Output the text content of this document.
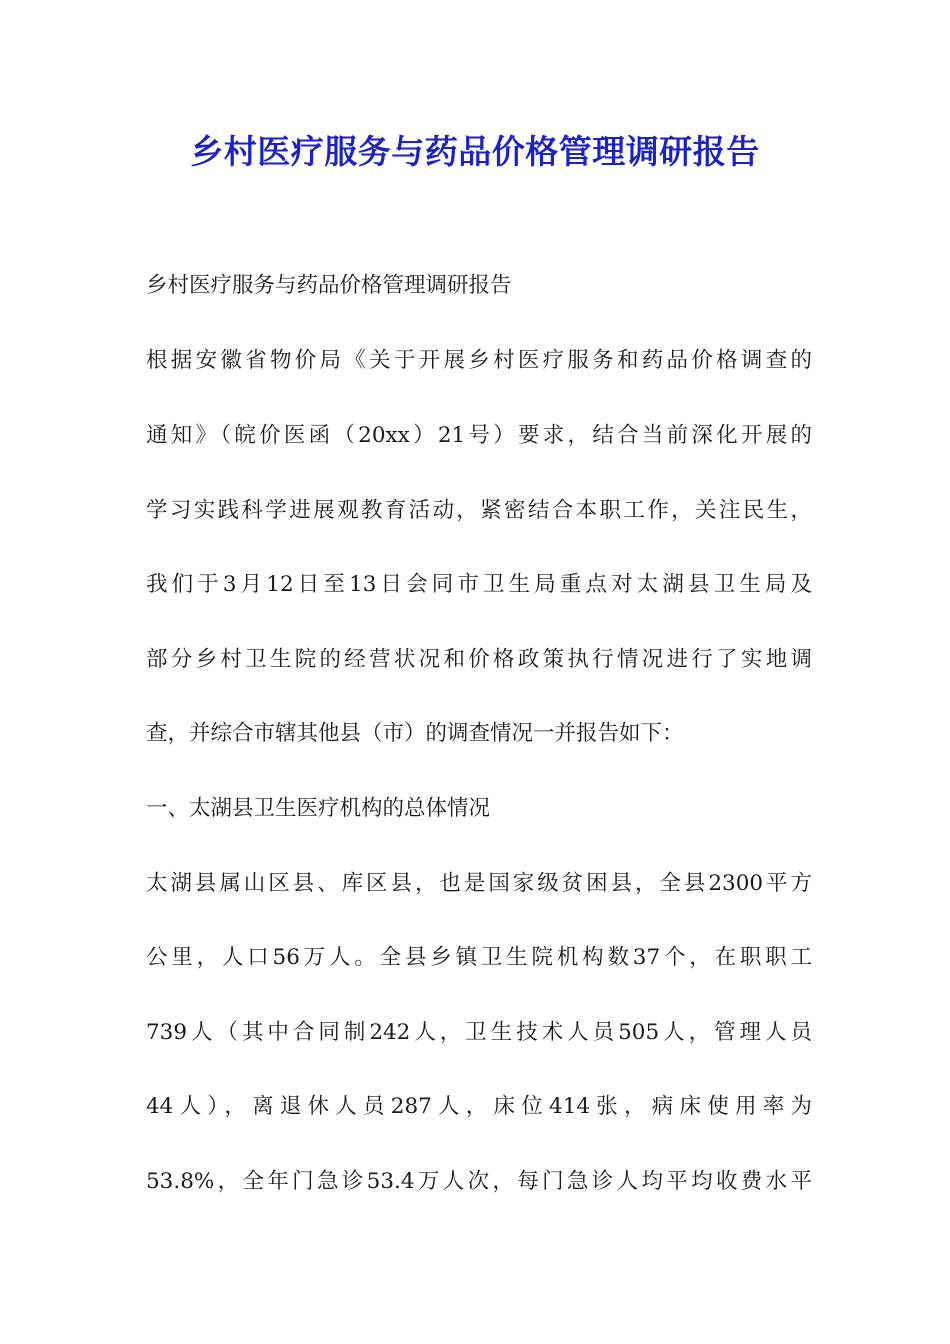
乡村医疗服务与药品价格管理调研报告
乡村医疗服务与药品价格管理调研报告
根据安徽省物价局《关于开展乡村医疗服务和药品价格调查的
通知》（皖价医函（20xx）21号）要求，结合当前深化开展的
学习实践科学进展观教育活动，紧密结合本职工作，关注民生，
我们于3月12日至13日会同市卫生局重点对太湖县卫生局及
部分乡村卫生院的经营状况和价格政策执行情况进行了实地调
查，并综合市辖其他县（市）的调查情况一并报告如下：
一、太湖县卫生医疗机构的总体情况
太湖县属山区县、库区县，也是国家级贫困县，全县2300平方
公里，人口56万人。全县乡镇卫生院机构数37个，在职职工
739人（其中合同制242人，卫生技术人员505人，管理人员
44人），离退休人员287人，床位414张，病床使用率为
53.8%，全年门急诊53.4万人次，每门急诊人均平均收费水平
